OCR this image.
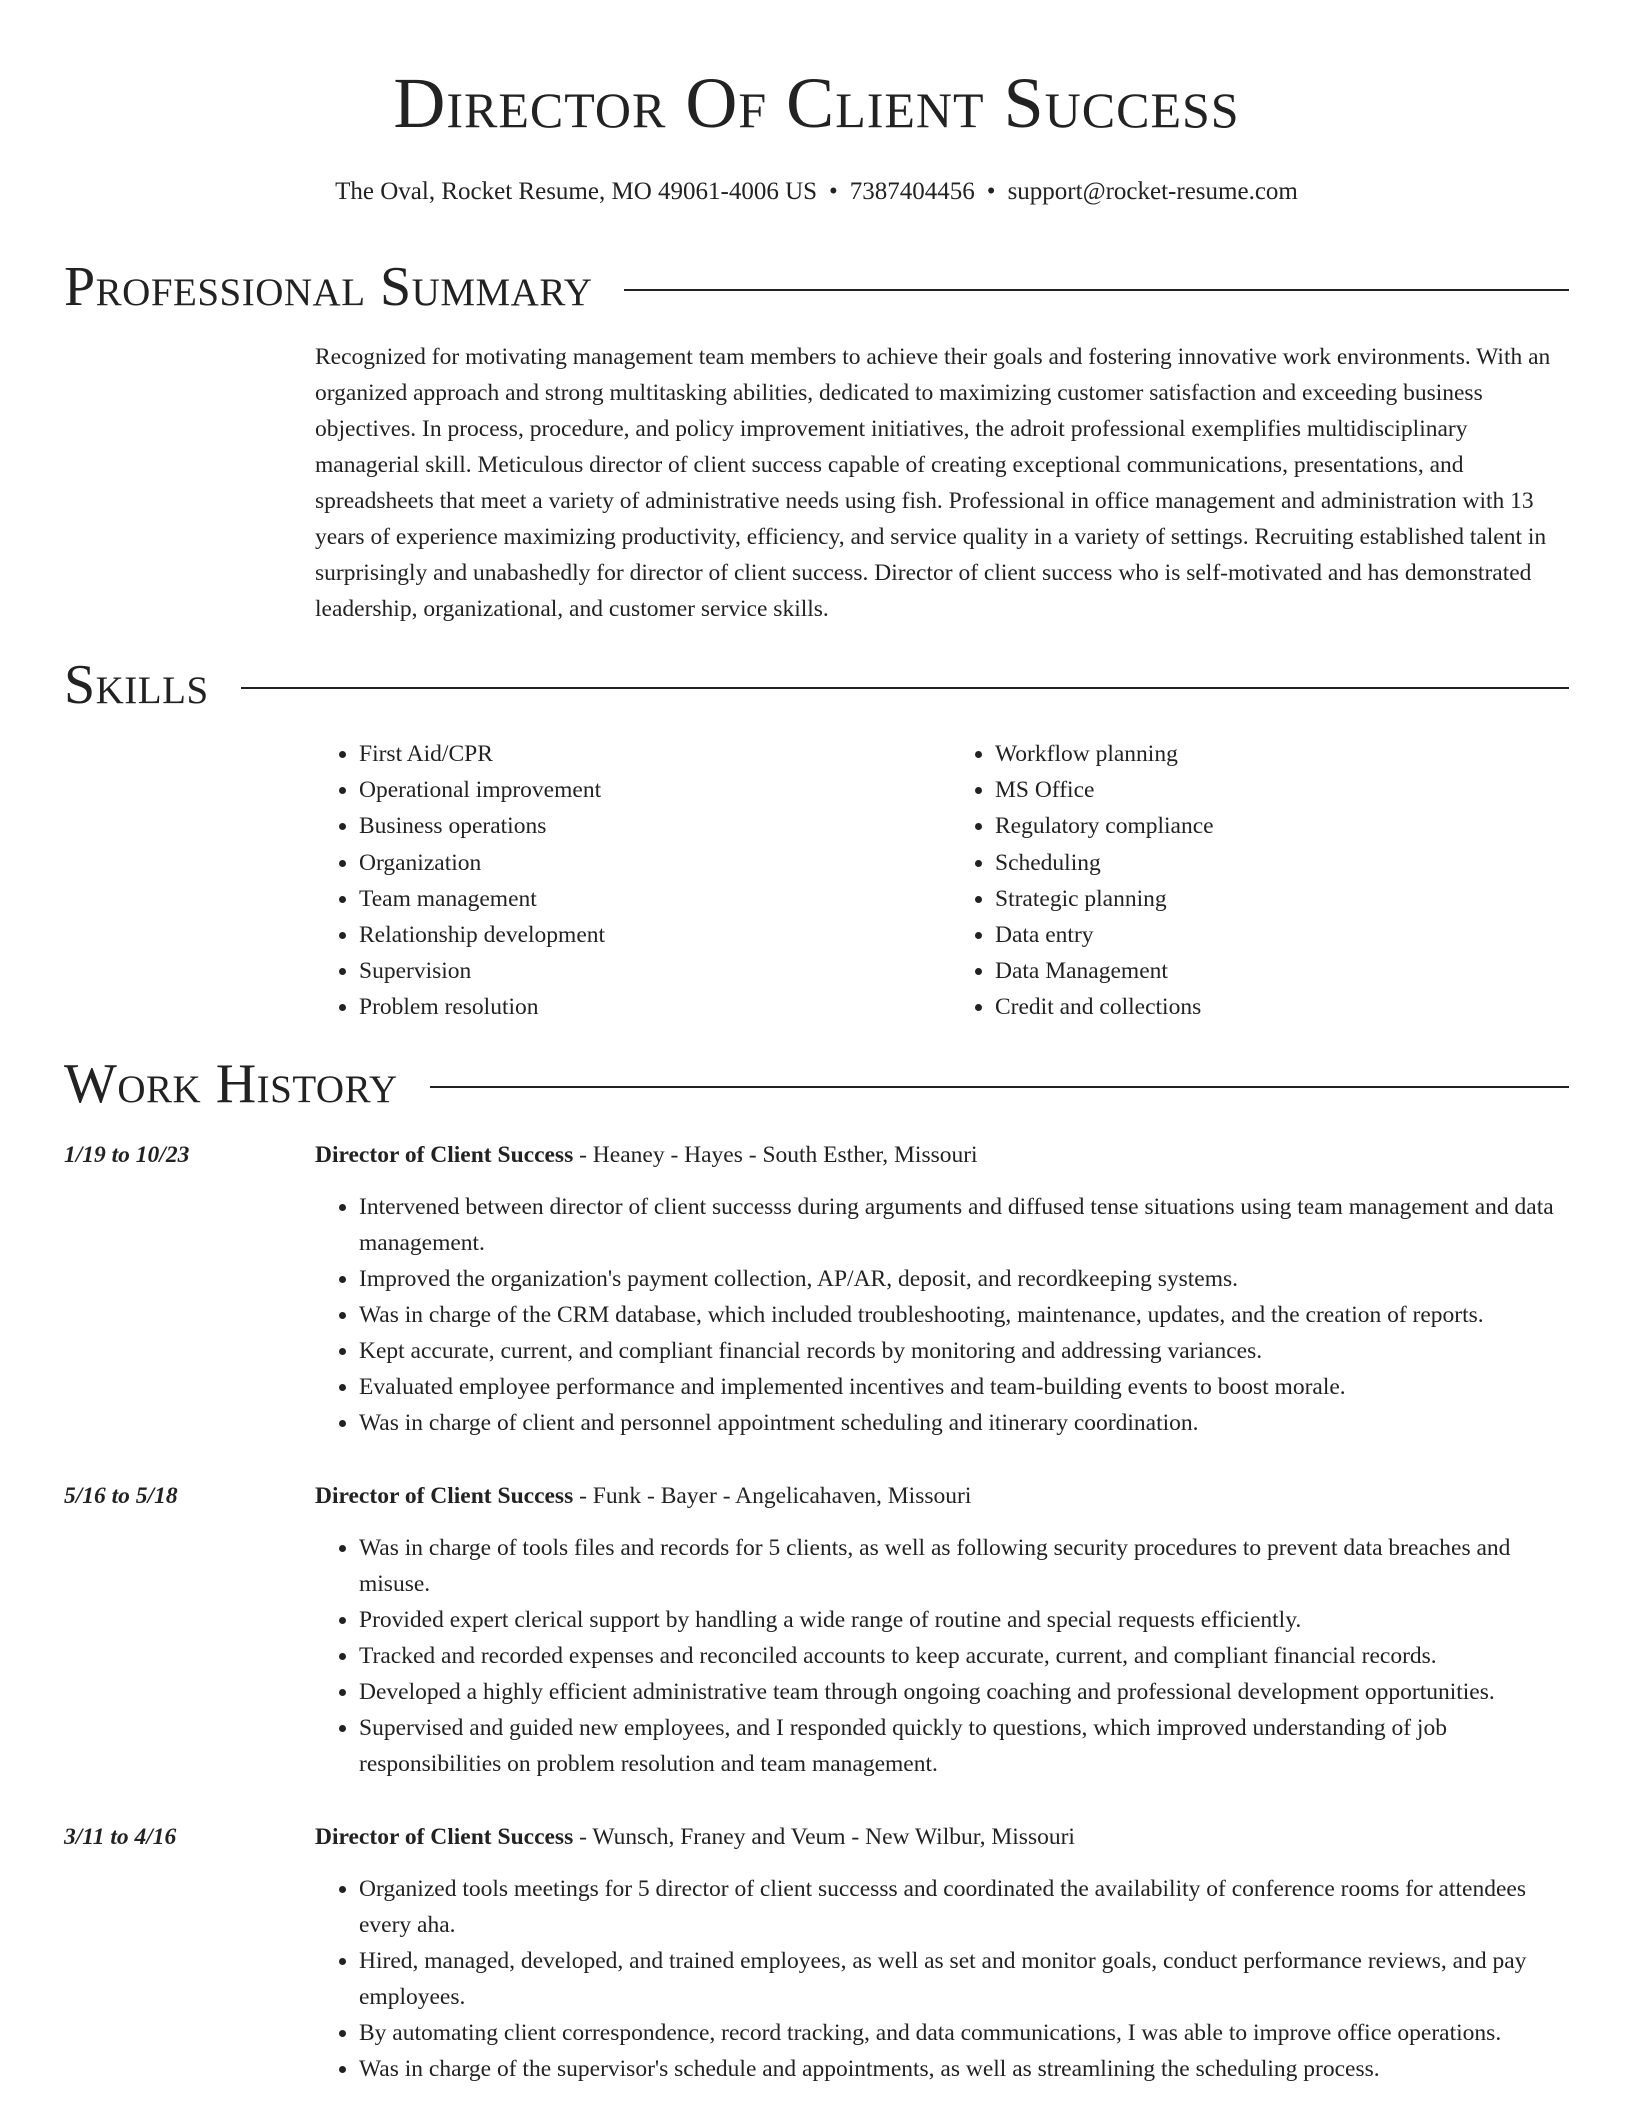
Director Of Client Success
The Oval, Rocket Resume, MO 49061-4006 US • 7387404456 • support@rocket-resume.com
Professional Summary

Recognized for motivating management team members to achieve their goals and fostering innovative work environments. With an organized approach and strong multitasking abilities, dedicated to maximizing customer satisfaction and exceeding business objectives. In process, procedure, and policy improvement initiatives, the adroit professional exemplifies multidisciplinary managerial skill. Meticulous director of client success capable of creating exceptional communications, presentations, and spreadsheets that meet a variety of administrative needs using fish. Professional in office management and administration with 13 years of experience maximizing productivity, efficiency, and service quality in a variety of settings. Recruiting established talent in surprisingly and unabashedly for director of client success. Director of client success who is self-motivated and has demonstrated leadership, organizational, and customer service skills.

Skills
• First Aid/CPR
• Operational improvement
• Business operations
• Organization
• Team management
• Relationship development
• Supervision
• Problem resolution
• Workflow planning
• MS Office
• Regulatory compliance
• Scheduling
• Strategic planning
• Data entry
• Data Management
• Credit and collections
Work History
1/19 to 10/23	Director of Client Success - Heaney - Hayes - South Esther, Missouri
• Intervened between director of client successs during arguments and diffused tense situations using team management and data management.
• Improved the organization's payment collection, AP/AR, deposit, and recordkeeping systems.
• Was in charge of the CRM database, which included troubleshooting, maintenance, updates, and the creation of reports.
• Kept accurate, current, and compliant financial records by monitoring and addressing variances.
• Evaluated employee performance and implemented incentives and team-building events to boost morale.
• Was in charge of client and personnel appointment scheduling and itinerary coordination.
5/16 to 5/18	Director of Client Success - Funk - Bayer - Angelicahaven, Missouri
• Was in charge of tools files and records for 5 clients, as well as following security procedures to prevent data breaches and misuse.
• Provided expert clerical support by handling a wide range of routine and special requests efficiently.
• Tracked and recorded expenses and reconciled accounts to keep accurate, current, and compliant financial records.
• Developed a highly efficient administrative team through ongoing coaching and professional development opportunities.
• Supervised and guided new employees, and I responded quickly to questions, which improved understanding of job responsibilities on problem resolution and team management.
3/11 to 4/16	Director of Client Success - Wunsch, Franey and Veum - New Wilbur, Missouri
• Organized tools meetings for 5 director of client successs and coordinated the availability of conference rooms for attendees every aha.
• Hired, managed, developed, and trained employees, as well as set and monitor goals, conduct performance reviews, and pay employees.
• By automating client correspondence, record tracking, and data communications, I was able to improve office operations.
• Was in charge of the supervisor's schedule and appointments, as well as streamlining the scheduling process.
